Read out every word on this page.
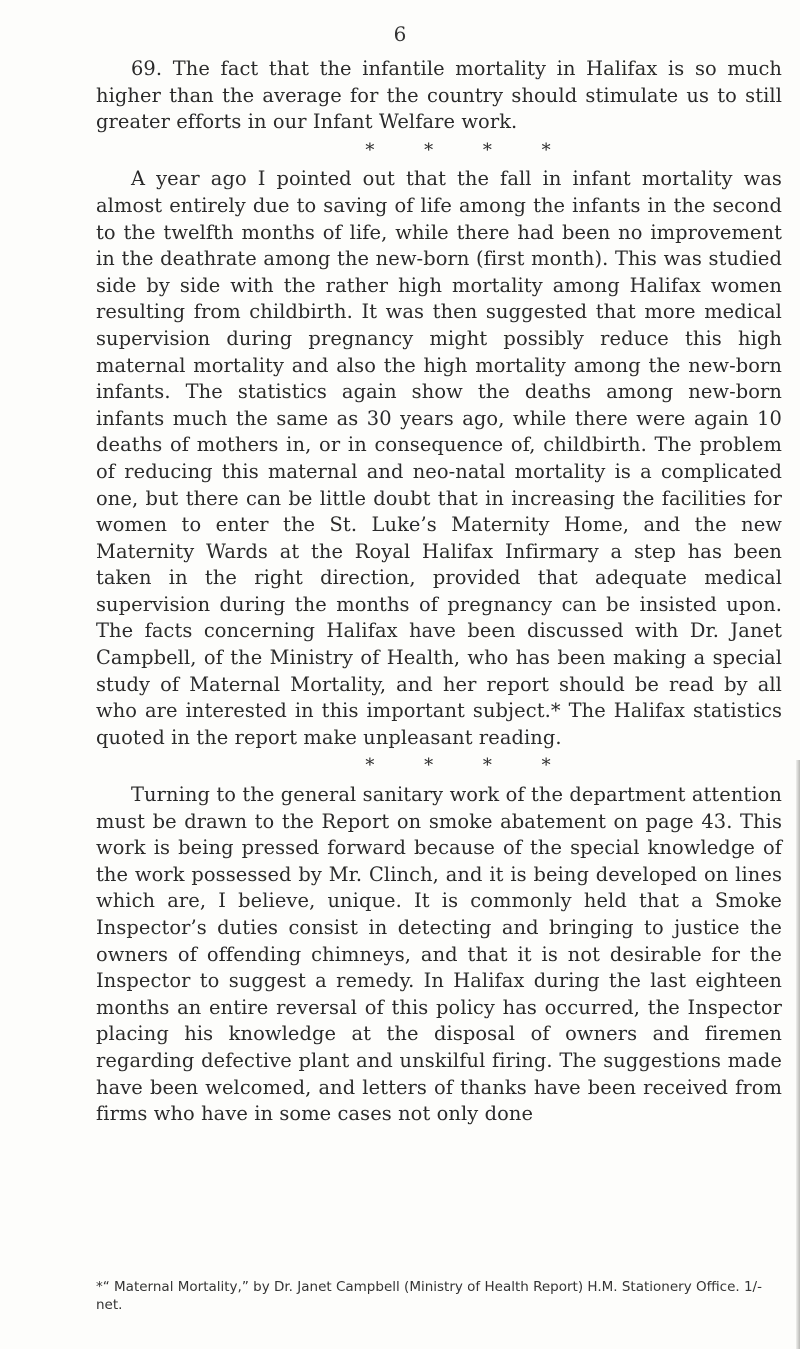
6

69. The fact that the infantile mortality in Halifax is so much higher than the average for the country should stimulate us to still greater efforts in our Infant Welfare work.

* * * *

A year ago I pointed out that the fall in infant mortality was almost entirely due to saving of life among the infants in the second to the twelfth months of life, while there had been no improvement in the deathrate among the new-born (first month). This was studied side by side with the rather high mortality among Halifax women resulting from childbirth. It was then suggested that more medical supervision during pregnancy might possibly reduce this high maternal mortality and also the high mortality among the new-born infants. The statistics again show the deaths among new-born infants much the same as 30 years ago, while there were again 10 deaths of mothers in, or in consequence of, childbirth. The problem of reducing this maternal and neo-natal mortality is a complicated one, but there can be little doubt that in increasing the facilities for women to enter the St. Luke’s Maternity Home, and the new Maternity Wards at the Royal Halifax Infirmary a step has been taken in the right direction, provided that adequate medical supervision during the months of pregnancy can be insisted upon. The facts concerning Halifax have been discussed with Dr. Janet Campbell, of the Ministry of Health, who has been making a special study of Maternal Mortality, and her report should be read by all who are interested in this important subject.* The Halifax statistics quoted in the report make unpleasant reading.

* * * *

Turning to the general sanitary work of the department attention must be drawn to the Report on smoke abatement on page 43. This work is being pressed forward because of the special knowledge of the work possessed by Mr. Clinch, and it is being developed on lines which are, I believe, unique. It is commonly held that a Smoke Inspector’s duties consist in detecting and bringing to justice the owners of offending chimneys, and that it is not desirable for the Inspector to suggest a remedy. In Halifax during the last eighteen months an entire reversal of this policy has occurred, the Inspector placing his knowledge at the disposal of owners and firemen regarding defective plant and unskilful firing. The suggestions made have been welcomed, and letters of thanks have been received from firms who have in some cases not only done

*“ Maternal Mortality,” by Dr. Janet Campbell (Ministry of Health Report) H.M. Stationery Office. 1/- net.
